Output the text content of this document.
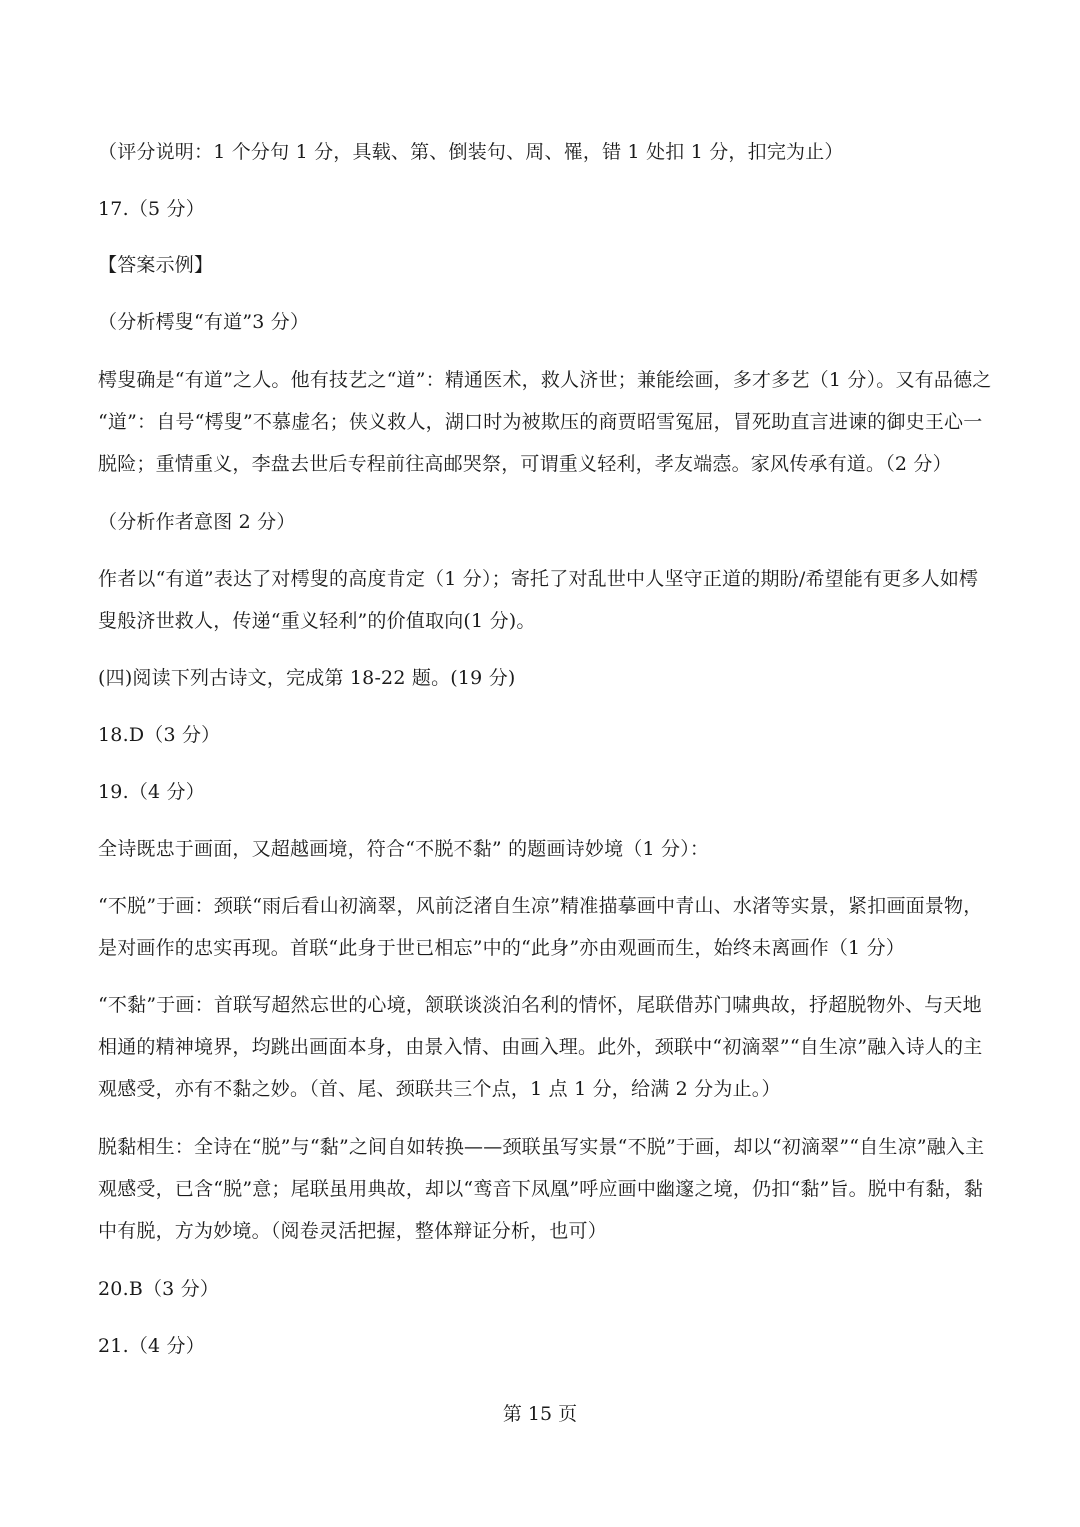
（评分说明：1 个分句 1 分，具载、第、倒装句、周、罹，错 1 处扣 1 分，扣完为止）
17.（5 分）
【答案示例】
（分析樗叟“有道”3 分）
樗叟确是“有道”之人。他有技艺之“道”：精通医术，救人济世；兼能绘画，多才多艺（1 分）。又有品德之
“道”：自号“樗叟”不慕虚名；侠义救人，湖口时为被欺压的商贾昭雪冤屈，冒死助直言进谏的御史王心一
脱险；重情重义，李盘去世后专程前往高邮哭祭，可谓重义轻利，孝友端悫。家风传承有道。（2 分）
（分析作者意图 2 分）
作者以“有道”表达了对樗叟的高度肯定（1 分）；寄托了对乱世中人坚守正道的期盼/希望能有更多人如樗
叟般济世救人，传递“重义轻利”的价值取向(1 分)。
(四)阅读下列古诗文，完成第 18-22 题。(19 分)
18.D（3 分）
19.（4 分）
全诗既忠于画面，又超越画境，符合“不脱不黏” 的题画诗妙境（1 分）：
“不脱”于画：颈联“雨后看山初滴翠，风前泛渚自生凉”精准描摹画中青山、水渚等实景，紧扣画面景物，
是对画作的忠实再现。首联“此身于世已相忘”中的“此身”亦由观画而生，始终未离画作（1 分）
“不黏”于画：首联写超然忘世的心境，颔联谈淡泊名利的情怀，尾联借苏门啸典故，抒超脱物外、与天地
相通的精神境界，均跳出画面本身，由景入情、由画入理。此外，颈联中“初滴翠”“自生凉”融入诗人的主
观感受，亦有不黏之妙。（首、尾、颈联共三个点，1 点 1 分，给满 2 分为止。）
脱黏相生：全诗在“脱”与“黏”之间自如转换——颈联虽写实景“不脱”于画，却以“初滴翠”“自生凉”融入主
观感受，已含“脱”意；尾联虽用典故，却以“鸾音下凤凰”呼应画中幽邃之境，仍扣“黏”旨。脱中有黏，黏
中有脱，方为妙境。（阅卷灵活把握，整体辩证分析，也可）
20.B（3 分）
21.（4 分）
第 15 页
